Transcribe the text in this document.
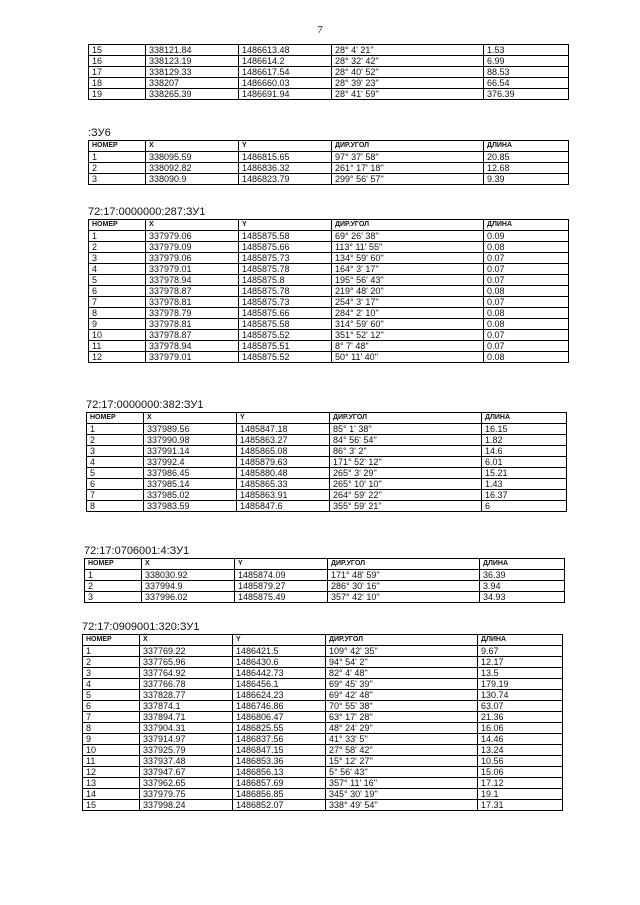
7
15	338121.84	1486613.48	28° 4' 21''	1.53
16	338123.19	1486614.2	28° 32' 42''	6.99
17	338129.33	1486617.54	28° 40' 52''	88.53
18	338207	1486660.03	28° 39' 23''	66.54
19	338265.39	1486691.94	28° 41' 59''	376.39
:ЗУ6
НОМЕР	X	Y	ДИР.УГОЛ	ДЛИНА
1	338095.59	1486815.65	97° 37' 58''	20.85
2	338092.82	1486836.32	261° 17' 18''	12.68
3	338090.9	1486823.79	299° 56' 57''	9.39
72:17:0000000:287:ЗУ1
НОМЕР	X	Y	ДИР.УГОЛ	ДЛИНА
1	337979.06	1485875.58	69° 26' 38''	0.09
2	337979.09	1485875.66	113° 11' 55''	0.08
3	337979.06	1485875.73	134° 59' 60''	0.07
4	337979.01	1485875.78	164° 3' 17''	0.07
5	337978.94	1485875.8	195° 56' 43''	0.07
6	337978.87	1485875.78	219° 48' 20''	0.08
7	337978.81	1485875.73	254° 3' 17''	0.07
8	337978.79	1485875.66	284° 2' 10''	0.08
9	337978.81	1485875.58	314° 59' 60''	0.08
10	337978.87	1485875.52	351° 52' 12''	0.07
11	337978.94	1485875.51	8° 7' 48''	0.07
12	337979.01	1485875.52	50° 11' 40''	0.08
72:17:0000000:382:ЗУ1
НОМЕР	X	Y	ДИР.УГОЛ	ДЛИНА
1	337989.56	1485847.18	85° 1' 38''	16.15
2	337990.98	1485863.27	84° 56' 54''	1.82
3	337991.14	1485865.08	86° 3' 2''	14.6
4	337992.4	1485879.63	171° 52' 12''	6.01
5	337986.45	1485880.48	265° 3' 29''	15.21
6	337985.14	1485865.33	265° 10' 10''	1.43
7	337985.02	1485863.91	264° 59' 22''	16.37
8	337983.59	1485847.6	355° 59' 21''	6
72:17:0706001:4:ЗУ1
НОМЕР	X	Y	ДИР.УГОЛ	ДЛИНА
1	338030.92	1485874.09	171° 48' 59''	36.39
2	337994.9	1485879.27	286° 30' 16''	3.94
3	337996.02	1485875.49	357° 42' 10''	34.93
72:17:0909001:320:ЗУ1
НОМЕР	X	Y	ДИР.УГОЛ	ДЛИНА
1	337769.22	1486421.5	109° 42' 35''	9.67
2	337765.96	1486430.6	94° 54' 2''	12.17
3	337764.92	1486442.73	82° 4' 48''	13.5
4	337766.78	1486456.1	69° 45' 39''	179.19
5	337828.77	1486624.23	69° 42' 48''	130.74
6	337874.1	1486746.86	70° 55' 38''	63.07
7	337894.71	1486806.47	63° 17' 28''	21.36
8	337904.31	1486825.55	48° 24' 29''	16.06
9	337914.97	1486837.56	41° 33' 5''	14.46
10	337925.79	1486847.15	27° 58' 42''	13.24
11	337937.48	1486853.36	15° 12' 27''	10.56
12	337947.67	1486856.13	5° 56' 43''	15.06
13	337962.65	1486857.69	357° 11' 16''	17.12
14	337979.75	1486856.85	345° 30' 19''	19.1
15	337998.24	1486852.07	338° 49' 54''	17.31
